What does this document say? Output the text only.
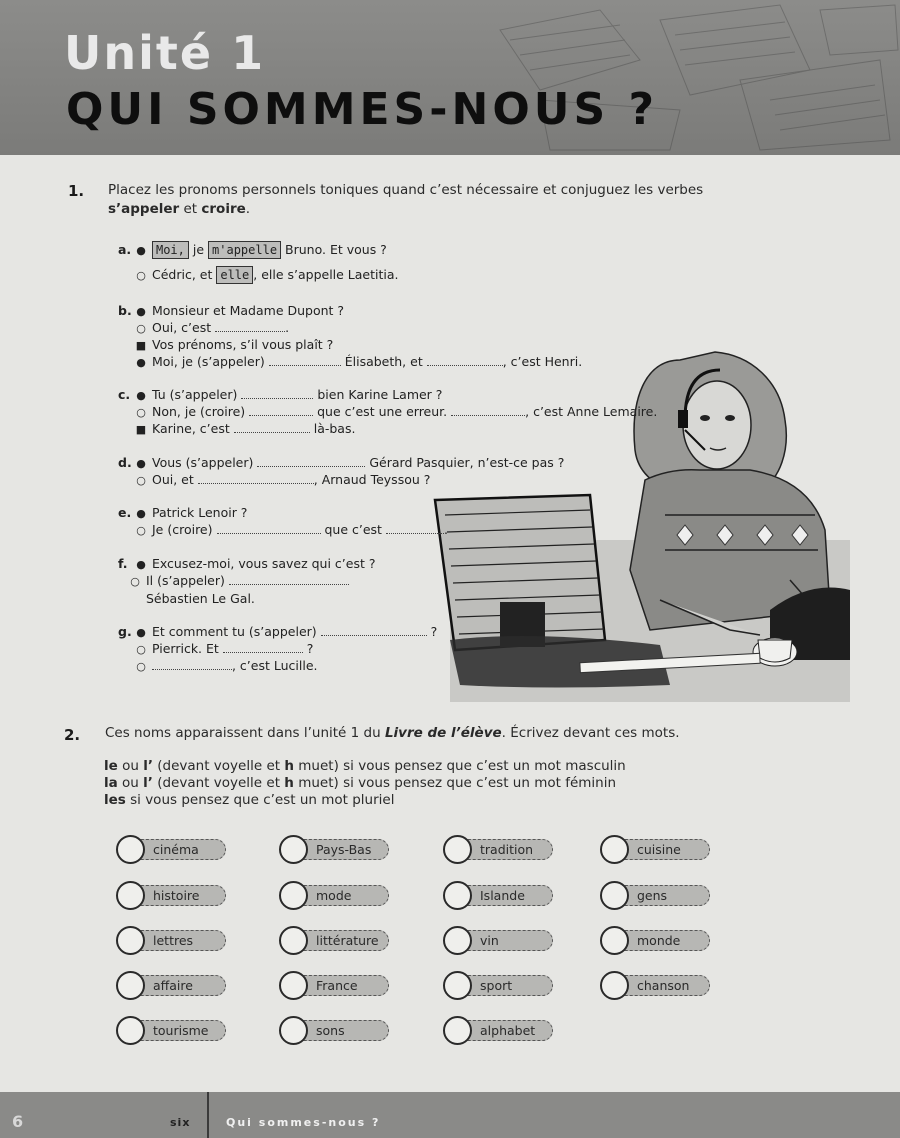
Unité 1
QUI SOMMES-NOUS ?
1. Placez les pronoms personnels toniques quand c’est nécessaire et conjuguez les verbes
s’appeler et croire.
a. ● Moi, je m'appelle Bruno. Et vous ?
○ Cédric, et elle , elle s’appelle Laetitia.
b. ● Monsieur et Madame Dupont ?
○ Oui, c’est	.
■ Vos prénoms, s’il vous plaît ?
● Moi, je (s’appeler)	Élisabeth, et	, c’est Henri.
c. ● Tu (s’appeler)	bien Karine Lamer ?
○ Non, je (croire)	que c’est une erreur.	, c’est Anne Lemaire.
■ Karine, c’est	là-bas.
d. ● Vous (s’appeler)	Gérard Pasquier, n’est-ce pas ?
○ Oui, et	, Arnaud Teyssou ?
e. ● Patrick Lenoir ?
○ Je (croire)	que c’est	.
f. ● Excusez-moi, vous savez qui c’est ?
○ Il (s’appeler)
Sébastien Le Gal.
g. ● Et comment tu (s’appeler)	?
○ Pierrick. Et	?
○	, c’est Lucille.
2. Ces noms apparaissent dans l’unité 1 du Livre de l’élève. Écrivez devant ces mots.
le ou l’ (devant voyelle et h muet) si vous pensez que c’est un mot masculin
la ou l’ (devant voyelle et h muet) si vous pensez que c’est un mot féminin
les si vous pensez que c’est un mot pluriel
cinéma	Pays-Bas	tradition	cuisine
histoire	mode	Islande	gens
lettres	littérature	vin	monde
affaire	France	sport	chanson
tourisme	sons	alphabet
6	six	Qui sommes-nous ?
